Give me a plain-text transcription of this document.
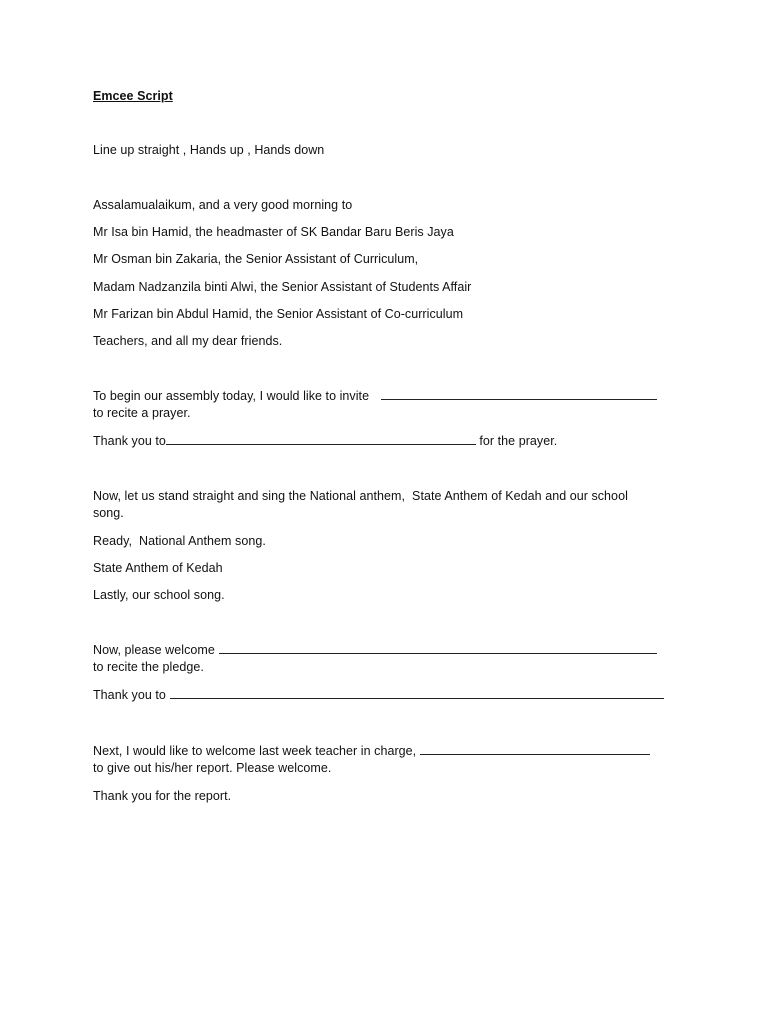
Emcee Script
Line up straight , Hands up , Hands down
Assalamualaikum, and a very good morning to
Mr Isa bin Hamid, the headmaster of SK Bandar Baru Beris Jaya
Mr Osman bin Zakaria, the Senior Assistant of Curriculum,
Madam Nadzanzila binti Alwi, the Senior Assistant of Students Affair
Mr Farizan bin Abdul Hamid, the Senior Assistant of Co-curriculum
Teachers, and all my dear friends.
To begin our assembly today, I would like to invite
to recite a prayer.
Thank you to	for the prayer.
Now, let us stand straight and sing the National anthem,  State Anthem of Kedah and our school
song.
Ready,  National Anthem song.
State Anthem of Kedah
Lastly, our school song.
Now, please welcome
to recite the pledge.
Thank you to
Next, I would like to welcome last week teacher in charge,
to give out his/her report. Please welcome.
Thank you for the report.
